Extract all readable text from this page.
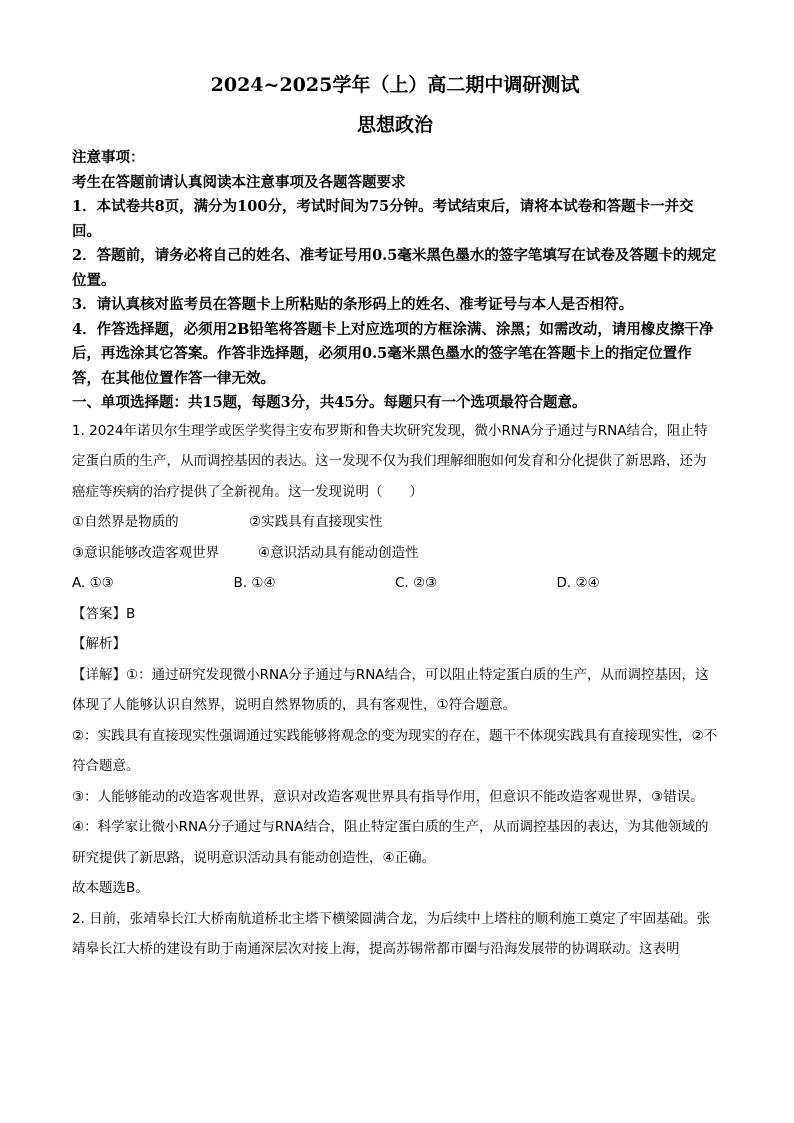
2024~2025学年（上）高二期中调研测试
思想政治

注意事项：

考生在答题前请认真阅读本注意事项及各题答题要求

1．本试卷共8页，满分为100分，考试时间为75分钟。考试结束后，请将本试卷和答题卡一并交回。

2．答题前，请务必将自己的姓名、准考证号用0.5毫米黑色墨水的签字笔填写在试卷及答题卡的规定位置。

3．请认真核对监考员在答题卡上所粘贴的条形码上的姓名、准考证号与本人是否相符。

4．作答选择题，必须用2B铅笔将答题卡上对应选项的方框涂满、涂黑；如需改动，请用橡皮擦干净后，再选涂其它答案。作答非选择题，必须用0.5毫米黑色墨水的签字笔在答题卡上的指定位置作答，在其他位置作答一律无效。

一、单项选择题：共15题，每题3分，共45分。每题只有一个选项最符合题意。

1. 2024年诺贝尔生理学或医学奖得主安布罗斯和鲁夫坎研究发现，微小RNA分子通过与RNA结合，阻止特定蛋白质的生产，从而调控基因的表达。这一发现不仅为我们理解细胞如何发育和分化提供了新思路，还为癌症等疾病的治疗提供了全新视角。这一发现说明（　　）

①自然界是物质的	②实践具有直接现实性
③意识能够改造客观世界	④意识活动具有能动创造性
A. ①③	B. ①④	C. ②③	D. ②④

【答案】B

【解析】

【详解】①：通过研究发现微小RNA分子通过与RNA结合，可以阻止特定蛋白质的生产，从而调控基因，这体现了人能够认识自然界，说明自然界物质的，具有客观性，①符合题意。

②：实践具有直接现实性强调通过实践能够将观念的变为现实的存在，题干不体现实践具有直接现实性，②不符合题意。

③：人能够能动的改造客观世界，意识对改造客观世界具有指导作用，但意识不能改造客观世界，③错误。

④：科学家让微小RNA分子通过与RNA结合，阻止特定蛋白质的生产，从而调控基因的表达，为其他领域的研究提供了新思路，说明意识活动具有能动创造性，④正确。

故本题选B。

2. 日前，张靖皋长江大桥南航道桥北主塔下横梁圆满合龙，为后续中上塔柱的顺利施工奠定了牢固基础。张靖皋长江大桥的建设有助于南通深层次对接上海，提高苏锡常都市圈与沿海发展带的协调联动。这表明
